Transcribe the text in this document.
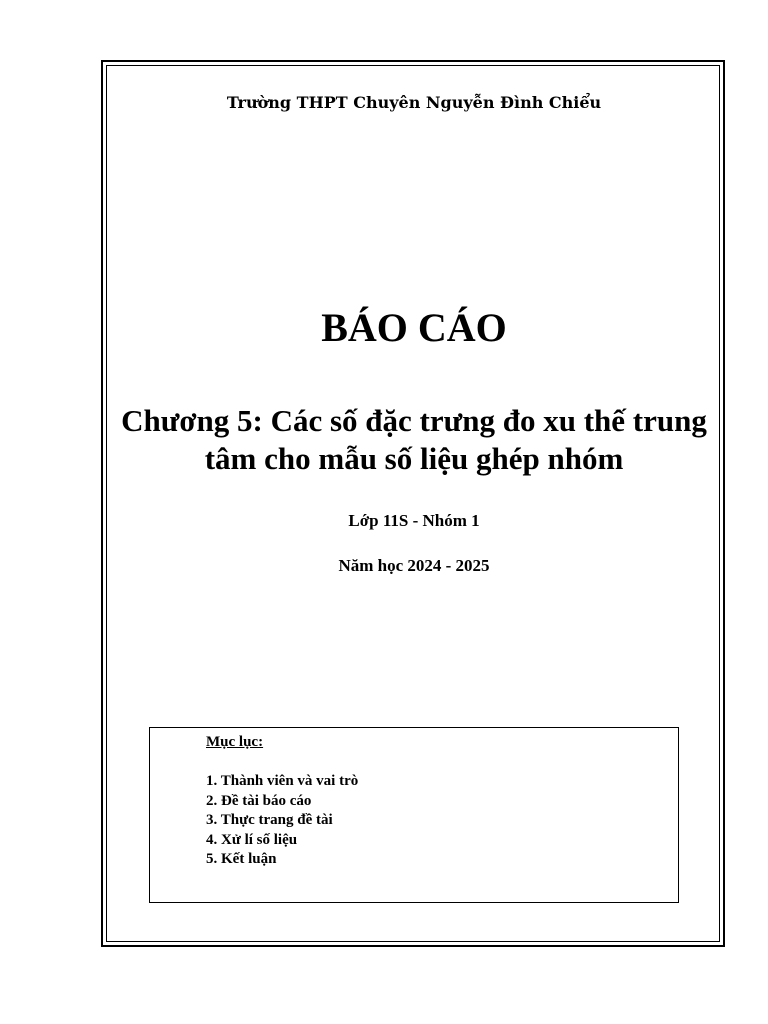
Trường THPT Chuyên Nguyễn Đình Chiểu
BÁO CÁO
Chương 5: Các số đặc trưng đo xu thế trung
tâm cho mẫu số liệu ghép nhóm
Lớp 11S - Nhóm 1
Năm học 2024 - 2025
Mục lục:
1. Thành viên và vai trò
2. Đề tài báo cáo
3. Thực trang đề tài
4. Xử lí số liệu
5. Kết luận
